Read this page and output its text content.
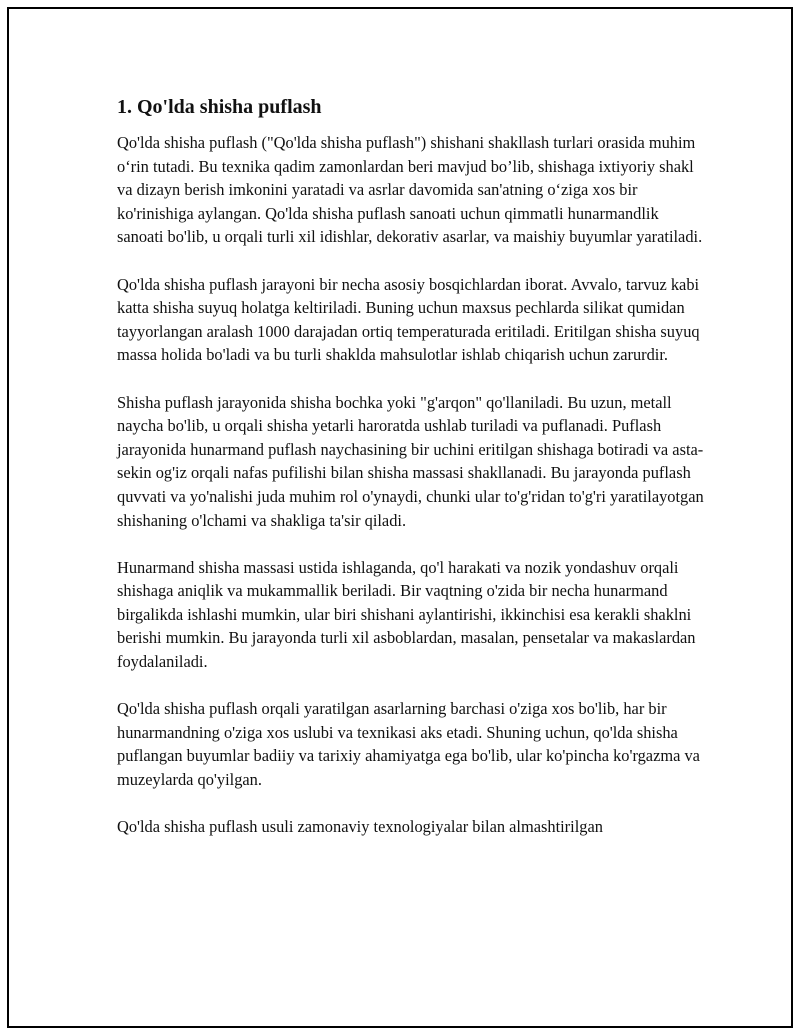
1. Qo'lda shisha puflash

Qo'lda shisha puflash ("Qo'lda shisha puflash") shishani shakllash turlari orasida muhim o‘rin tutadi. Bu texnika qadim zamonlardan beri mavjud bo’lib, shishaga ixtiyoriy shakl va dizayn berish imkonini yaratadi va asrlar davomida san'atning o‘ziga xos bir ko'rinishiga aylangan. Qo'lda shisha puflash sanoati uchun qimmatli hunarmandlik sanoati bo'lib, u orqali turli xil idishlar, dekorativ asarlar, va maishiy buyumlar yaratiladi.

Qo'lda shisha puflash jarayoni bir necha asosiy bosqichlardan iborat. Avvalo, tarvuz kabi katta shisha suyuq holatga keltiriladi. Buning uchun maxsus pechlarda silikat qumidan tayyorlangan aralash 1000 darajadan ortiq temperaturada eritiladi. Eritilgan shisha suyuq massa holida bo'ladi va bu turli shaklda mahsulotlar ishlab chiqarish uchun zarurdir.

Shisha puflash jarayonida shisha bochka yoki "g'arqon" qo'llaniladi. Bu uzun, metall naycha bo'lib, u orqali shisha yetarli haroratda ushlab turiladi va puflanadi. Puflash jarayonida hunarmand puflash naychasining bir uchini eritilgan shishaga botiradi va asta-sekin og'iz orqali nafas pufilishi bilan shisha massasi shakllanadi. Bu jarayonda puflash quvvati va yo'nalishi juda muhim rol o'ynaydi, chunki ular to'g'ridan to'g'ri yaratilayotgan shishaning o'lchami va shakliga ta'sir qiladi.

Hunarmand shisha massasi ustida ishlaganda, qo'l harakati va nozik yondashuv orqali shishaga aniqlik va mukammallik beriladi. Bir vaqtning o'zida bir necha hunarmand birgalikda ishlashi mumkin, ular biri shishani aylantirishi, ikkinchisi esa kerakli shaklni berishi mumkin. Bu jarayonda turli xil asboblardan, masalan, pensetalar va makaslardan foydalaniladi.

Qo'lda shisha puflash orqali yaratilgan asarlarning barchasi o'ziga xos bo'lib, har bir hunarmandning o'ziga xos uslubi va texnikasi aks etadi. Shuning uchun, qo'lda shisha puflangan buyumlar badiiy va tarixiy ahamiyatga ega bo'lib, ular ko'pincha ko'rgazma va muzeylarda qo'yilgan.

Qo'lda shisha puflash usuli zamonaviy texnologiyalar bilan almashtirilgan
